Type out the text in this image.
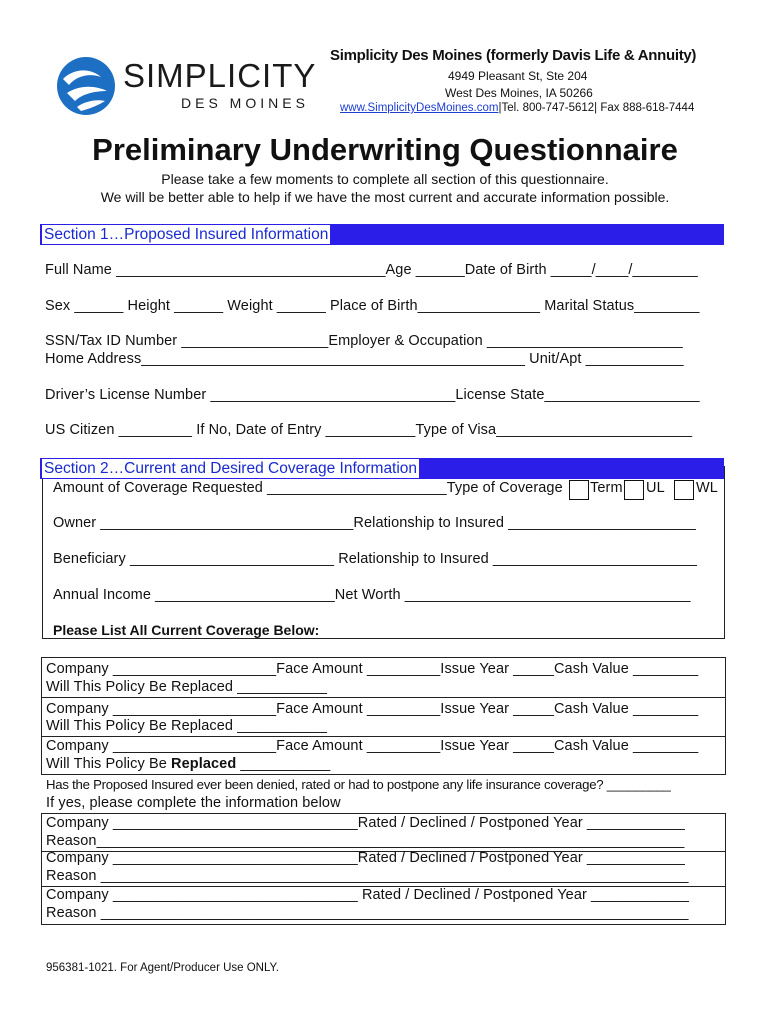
SIMPLICITY
DES MOINES
Simplicity Des Moines (formerly Davis Life & Annuity)
4949 Pleasant St, Ste 204
West Des Moines, IA 50266
www.SimplicityDesMoines.com|Tel. 800-747-5612| Fax 888-618-7444
Preliminary Underwriting Questionnaire
Please take a few moments to complete all section of this questionnaire.
We will be better able to help if we have the most current and accurate information possible.
Section 1…Proposed Insured Information
Full Name _________________________________Age ______Date of Birth _____/____/________
Sex ______ Height ______ Weight ______ Place of Birth_______________ Marital Status________
SSN/Tax ID Number __________________Employer & Occupation ________________________
Home Address_______________________________________________ Unit/Apt ____________
Driver’s License Number ______________________________License State___________________
US Citizen _________ If No, Date of Entry ___________Type of Visa________________________
Section 2…Current and Desired Coverage Information
Amount of Coverage Requested ______________________Type of Coverage Term UL WL
Owner _______________________________Relationship to Insured _______________________
Beneficiary _________________________ Relationship to Insured _________________________
Annual Income ______________________Net Worth ___________________________________
Please List All Current Coverage Below:
Company ____________________Face Amount _________Issue Year _____Cash Value ________
Will This Policy Be Replaced ___________
Company ____________________Face Amount _________Issue Year _____Cash Value ________
Will This Policy Be Replaced ___________
Company ____________________Face Amount _________Issue Year _____Cash Value ________
Will This Policy Be Replaced ___________
Has the Proposed Insured ever been denied, rated or had to postpone any life insurance coverage? _________
If yes, please complete the information below
Company ______________________________Rated / Declined / Postponed Year ____________
Reason________________________________________________________________________
Company ______________________________Rated / Declined / Postponed Year ____________
Reason ________________________________________________________________________
Company ______________________________ Rated / Declined / Postponed Year ____________
Reason ________________________________________________________________________
956381-1021. For Agent/Producer Use ONLY.
